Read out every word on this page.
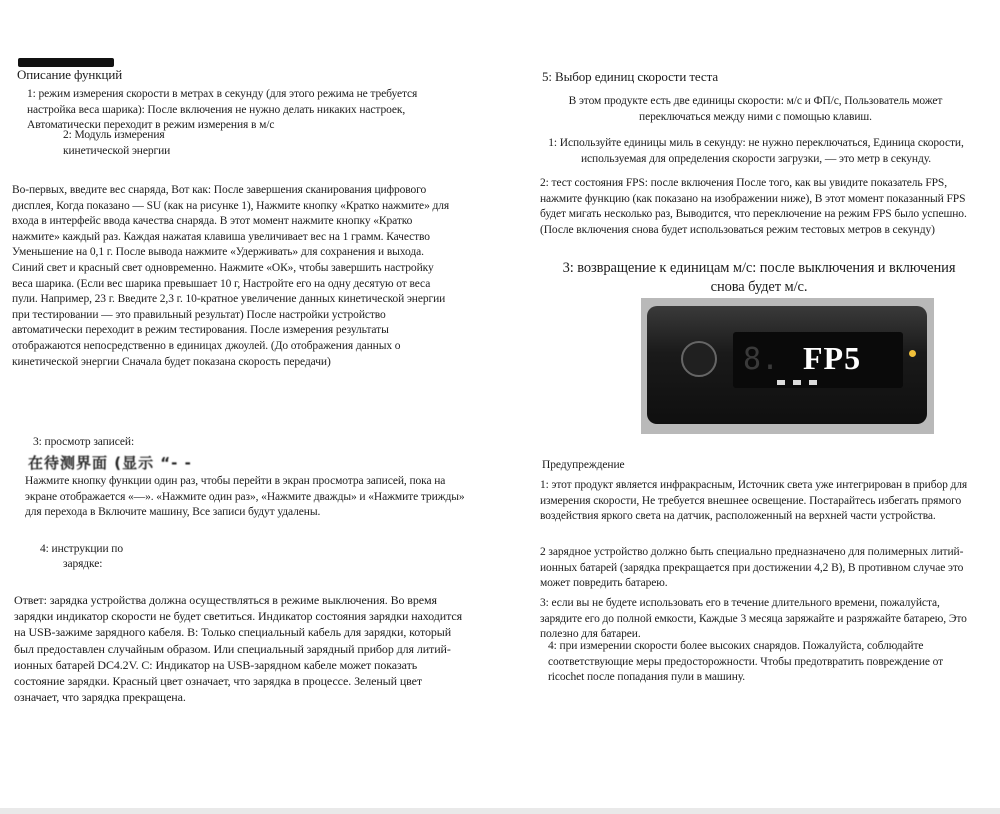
Описание функций
1: режим измерения скорости в метрах в секунду (для этого режима не требуется настройка веса шарика): После включения не нужно делать никаких настроек, Автоматически переходит в режим измерения в м/с
2: Модуль измерения
кинетической энергии
Во-первых, введите вес снаряда, Вот как: После завершения сканирования цифрового дисплея, Когда показано — SU (как на рисунке 1), Нажмите кнопку «Кратко нажмите» для входа в интерфейс ввода качества снаряда. В этот момент нажмите кнопку «Кратко нажмите» каждый раз. Каждая нажатая клавиша увеличивает вес на 1 грамм. Качество Уменьшение на 0,1 г. После вывода нажмите «Удерживать» для сохранения и выхода. Синий свет и красный свет одновременно. Нажмите «ОК», чтобы завершить настройку веса шарика. (Если вес шарика превышает 10 г, Настройте его на одну десятую от веса пули. Например, 23 г. Введите 2,3 г. 10-кратное увеличение данных кинетической энергии при тестировании — это правильный результат) После настройки устройство автоматически переходит в режим тестирования. После измерения результаты отображаются непосредственно в единицах джоулей. (До отображения данных о кинетической энергии Сначала будет показана скорость передачи)
3: просмотр записей:
在待测界面 (显示 “- -
Нажмите кнопку функции один раз, чтобы перейти в экран просмотра записей, пока на экране отображается «—». «Нажмите один раз», «Нажмите дважды» и «Нажмите трижды» для перехода в Включите машину, Все записи будут удалены.
4: инструкции по
зарядке:
Ответ: зарядка устройства должна осуществляться в режиме выключения. Во время зарядки индикатор скорости не будет светиться. Индикатор состояния зарядки находится на USB-зажиме зарядного кабеля. B: Только специальный кабель для зарядки, который был предоставлен случайным образом. Или специальный зарядный прибор для литий-ионных батарей DC4.2V. C: Индикатор на USB-зарядном кабеле может показать состояние зарядки. Красный цвет означает, что зарядка в процессе. Зеленый цвет означает, что зарядка прекращена.
5: Выбор единиц скорости теста
В этом продукте есть две единицы скорости: м/с и ФП/с, Пользователь может переключаться между ними с помощью клавиш.
1: Используйте единицы миль в секунду: не нужно переключаться, Единица скорости, используемая для определения скорости загрузки, — это метр в секунду.
2: тест состояния FPS: после включения После того, как вы увидите показатель FPS, нажмите функцию (как показано на изображении ниже), В этот момент показанный FPS будет мигать несколько раз, Выводится, что переключение на режим FPS было успешно. (После включения снова будет использоваться режим тестовых метров в секунду)
3: возвращение к единицам м/с: после выключения и включения
снова будет м/с.
8. FP5
Предупреждение
1: этот продукт является инфракрасным, Источник света уже интегрирован в прибор для измерения скорости, Не требуется внешнее освещение. Постарайтесь избегать прямого воздействия яркого света на датчик, расположенный на верхней части устройства.
2 зарядное устройство должно быть специально предназначено для полимерных литий-ионных батарей (зарядка прекращается при достижении 4,2 В), В противном случае это может повредить батарею.
3: если вы не будете использовать его в течение длительного времени, пожалуйста, зарядите его до полной емкости, Каждые 3 месяца заряжайте и разряжайте батарею, Это полезно для батареи.
4: при измерении скорости более высоких снарядов. Пожалуйста, соблюдайте соответствующие меры предосторожности. Чтобы предотвратить повреждение от ricochet после попадания пули в машину.
